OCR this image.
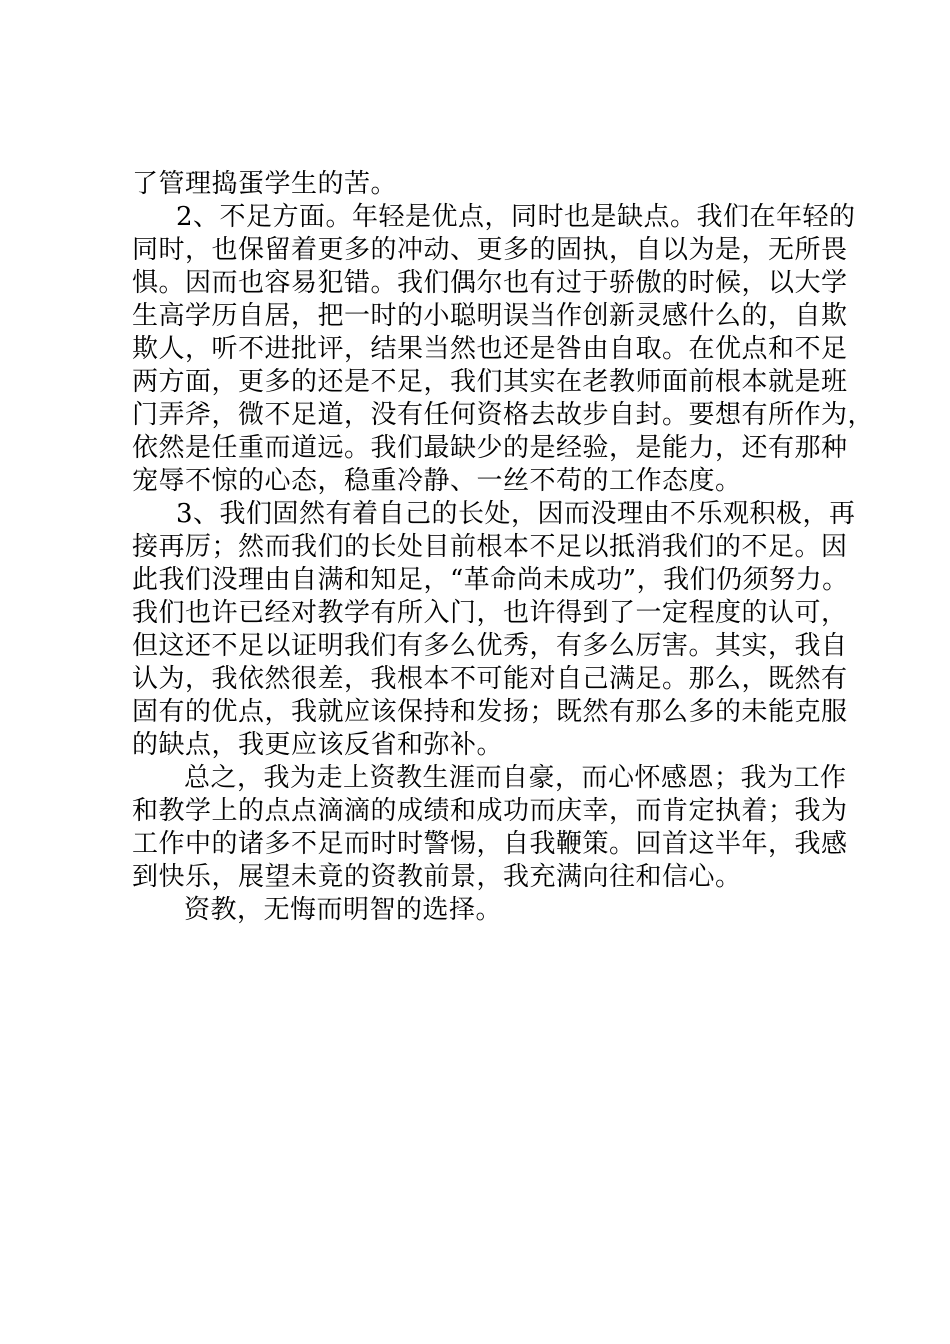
了管理捣蛋学生的苦。

2、不足方面。年轻是优点，同时也是缺点。我们在年轻的

同时，也保留着更多的冲动、更多的固执，自以为是，无所畏

惧。因而也容易犯错。我们偶尔也有过于骄傲的时候，以大学

生高学历自居，把一时的小聪明误当作创新灵感什么的，自欺

欺人，听不进批评，结果当然也还是咎由自取。在优点和不足

两方面，更多的还是不足，我们其实在老教师面前根本就是班

门弄斧，微不足道，没有任何资格去故步自封。要想有所作为，

依然是任重而道远。我们最缺少的是经验，是能力，还有那种

宠辱不惊的心态，稳重冷静、一丝不苟的工作态度。

3、我们固然有着自己的长处，因而没理由不乐观积极，再

接再厉；然而我们的长处目前根本不足以抵消我们的不足。因

此我们没理由自满和知足，“革命尚未成功”，我们仍须努力。

我们也许已经对教学有所入门，也许得到了一定程度的认可，

但这还不足以证明我们有多么优秀，有多么厉害。其实，我自

认为，我依然很差，我根本不可能对自己满足。那么，既然有

固有的优点，我就应该保持和发扬；既然有那么多的未能克服

的缺点，我更应该反省和弥补。

总之，我为走上资教生涯而自豪，而心怀感恩；我为工作

和教学上的点点滴滴的成绩和成功而庆幸，而肯定执着；我为

工作中的诸多不足而时时警惕，自我鞭策。回首这半年，我感

到快乐，展望未竟的资教前景，我充满向往和信心。

资教，无悔而明智的选择。
